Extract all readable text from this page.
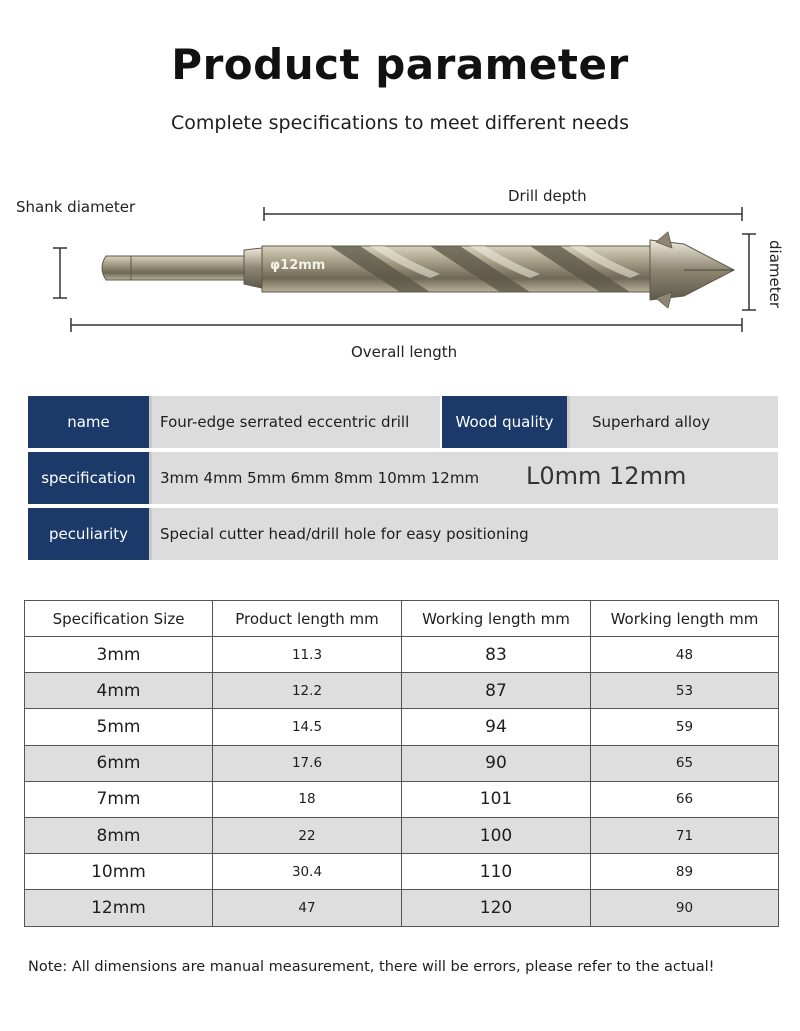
Product parameter
Complete specifications to meet different needs
Shank diameter
Drill depth
diameter
Overall length
φ12mm
name	Four-edge serrated eccentric drill	Wood quality	Superhard alloy
specification	3mm 4mm 5mm 6mm 8mm 10mm 12mm	L0mm 12mm
peculiarity	Special cutter head/drill hole for easy positioning
Specification Size	Product length mm	Working length mm	Working length mm
3mm	11.3	83	48
4mm	12.2	87	53
5mm	14.5	94	59
6mm	17.6	90	65
7mm	18	101	66
8mm	22	100	71
10mm	30.4	110	89
12mm	47	120	90
Note: All dimensions are manual measurement, there will be errors, please refer to the actual!
